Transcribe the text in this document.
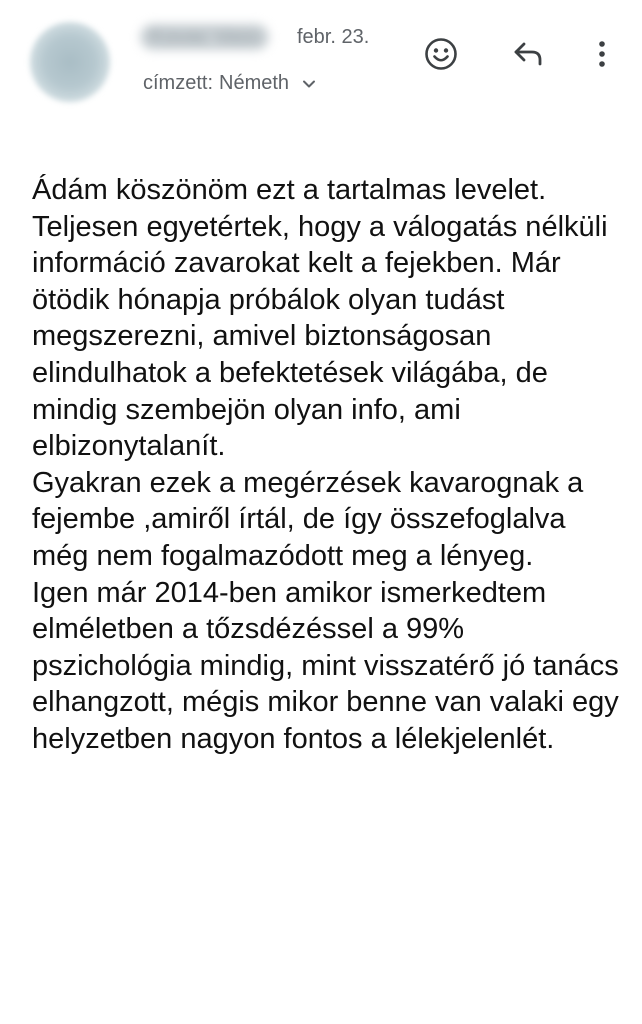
Kovac Vass	febr. 23.
címzett: Németh

Ádám köszönöm ezt a tartalmas levelet.

Teljesen egyetértek, hogy a válogatás nélküli információ zavarokat kelt a fejekben. Már ötödik hónapja próbálok olyan tudást megszerezni, amivel biztonságosan elindulhatok a befektetések világába, de mindig szembejön olyan info, ami elbizonytalanít.

Gyakran ezek a megérzések kavarognak a fejembe ,amiről írtál, de így összefoglalva még nem fogalmazódott meg a lényeg.

Igen már 2014-ben amikor ismerkedtem elméletben a tőzsdézéssel a 99% pszichológia mindig, mint visszatérő jó tanács elhangzott, mégis mikor benne van valaki egy helyzetben nagyon fontos a lélekjelenlét.
